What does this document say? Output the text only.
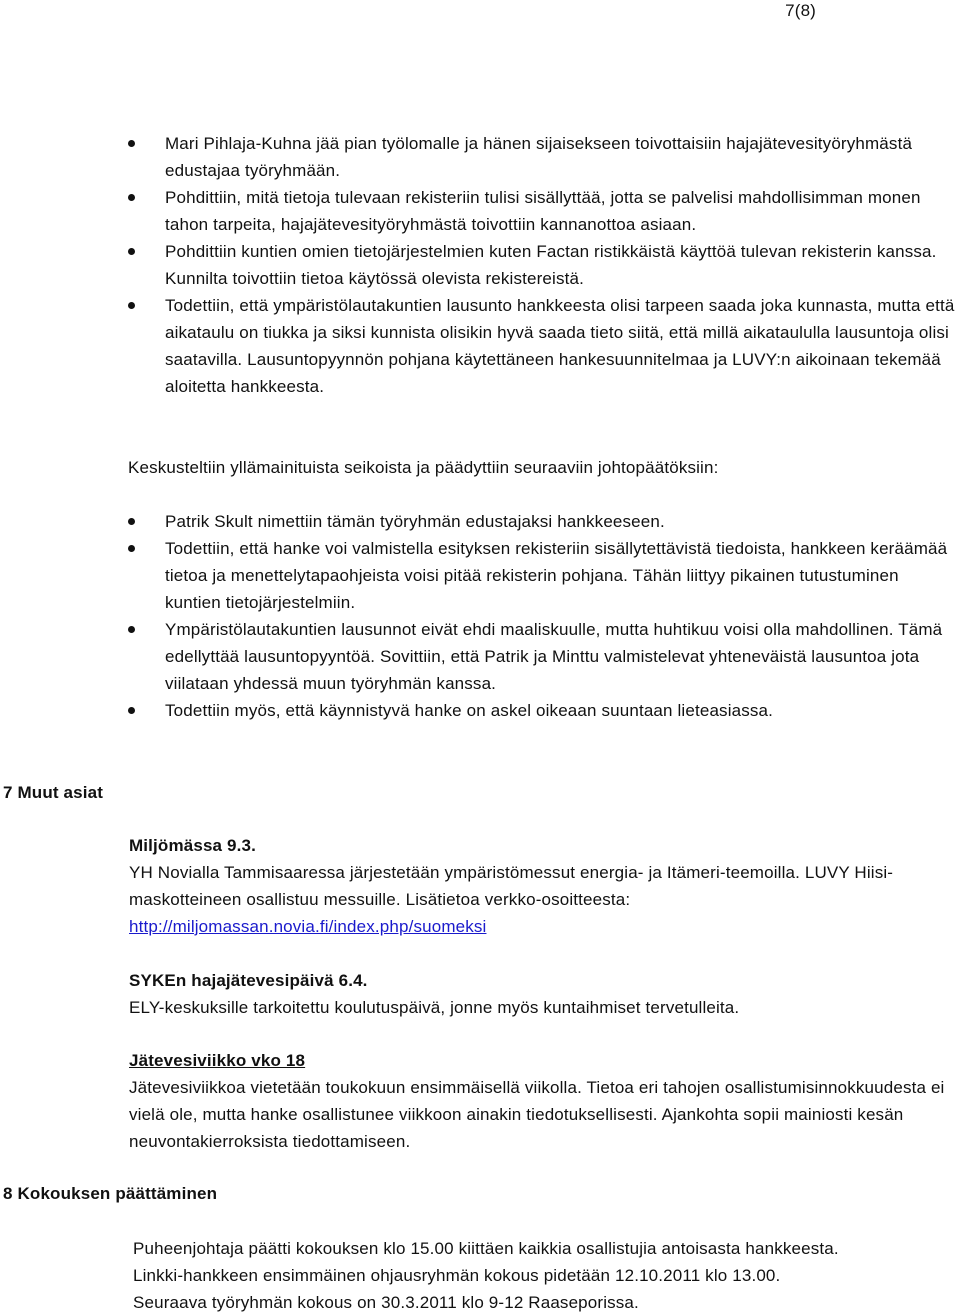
7(8)
Mari Pihlaja-Kuhna jää pian työlomalle ja hänen sijaisekseen toivottaisiin hajajätevesityöryhmästä edustajaa työryhmään.
Pohdittiin, mitä tietoja tulevaan rekisteriin tulisi sisällyttää, jotta se palvelisi mahdollisimman monen tahon tarpeita, hajajätevesityöryhmästä toivottiin kannanottoa asiaan.
Pohdittiin kuntien omien tietojärjestelmien kuten Factan ristikkäistä käyttöä tulevan rekisterin kanssa. Kunnilta toivottiin tietoa käytössä olevista rekistereistä.
Todettiin, että ympäristölautakuntien lausunto hankkeesta olisi tarpeen saada joka kunnasta, mutta että aikataulu on tiukka ja siksi kunnista olisikin hyvä saada tieto siitä, että millä aikataululla lausuntoja olisi saatavilla. Lausuntopyynnön pohjana käytettäneen hankesuunnitelmaa ja LUVY:n aikoinaan tekemää aloitetta hankkeesta.

Keskusteltiin yllämainituista seikoista ja päädyttiin seuraaviin johtopäätöksiin:

Patrik Skult nimettiin tämän työryhmän edustajaksi hankkeeseen.
Todettiin, että hanke voi valmistella esityksen rekisteriin sisällytettävistä tiedoista, hankkeen keräämää tietoa ja menettelytapaohjeista voisi pitää rekisterin pohjana. Tähän liittyy pikainen tutustuminen kuntien tietojärjestelmiin.
Ympäristölautakuntien lausunnot eivät ehdi maaliskuulle, mutta huhtikuu voisi olla mahdollinen. Tämä edellyttää lausuntopyyntöä. Sovittiin, että Patrik ja Minttu valmistelevat yhteneväistä lausuntoa jota viilataan yhdessä muun työryhmän kanssa.
Todettiin myös, että käynnistyvä hanke on askel oikeaan suuntaan lieteasiassa.
7 Muut asiat
Miljömässa 9.3.
YH Novialla Tammisaaressa järjestetään ympäristömessut energia- ja Itämeri-teemoilla. LUVY Hiisi-maskotteineen osallistuu messuille. Lisätietoa verkko-osoitteesta:
http://miljomassan.novia.fi/index.php/suomeksi
SYKEn hajajätevesipäivä 6.4.
ELY-keskuksille tarkoitettu koulutuspäivä, jonne myös kuntaihmiset tervetulleita.
Jätevesiviikko vko 18
Jätevesiviikkoa vietetään toukokuun ensimmäisellä viikolla. Tietoa eri tahojen osallistumisinnokkuudesta ei vielä ole, mutta hanke osallistunee viikkoon ainakin tiedotuksellisesti. Ajankohta sopii mainiosti kesän neuvontakierroksista tiedottamiseen.
8 Kokouksen päättäminen

Puheenjohtaja päätti kokouksen klo 15.00 kiittäen kaikkia osallistujia antoisasta hankkeesta.

Linkki-hankkeen ensimmäinen ohjausryhmän kokous pidetään 12.10.2011 klo 13.00.

Seuraava työryhmän kokous on 30.3.2011 klo 9-12 Raaseporissa.
